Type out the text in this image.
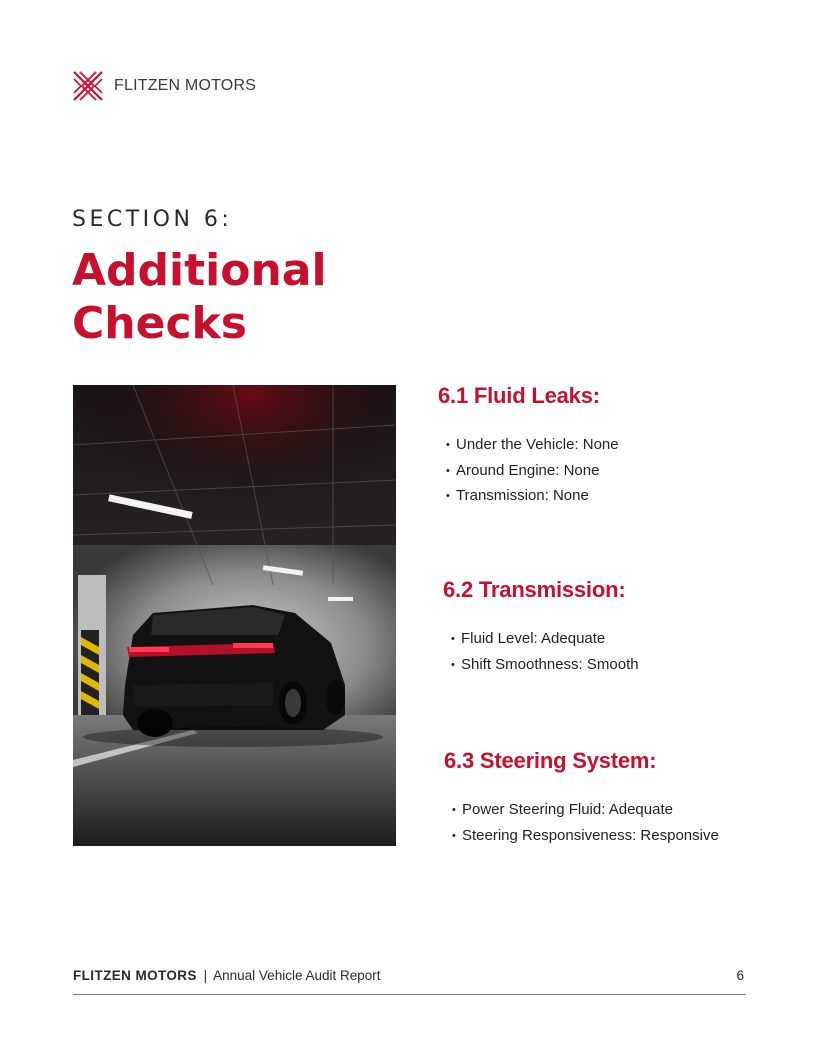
FLITZEN MOTORS
SECTION 6:
Additional Checks
6.1 Fluid Leaks:
• Under the Vehicle: None
• Around Engine: None
• Transmission: None
6.2 Transmission:
• Fluid Level: Adequate
• Shift Smoothness: Smooth
6.3 Steering System:
• Power Steering Fluid: Adequate
• Steering Responsiveness: Responsive
FLITZEN MOTORS | Annual Vehicle Audit Report	6
